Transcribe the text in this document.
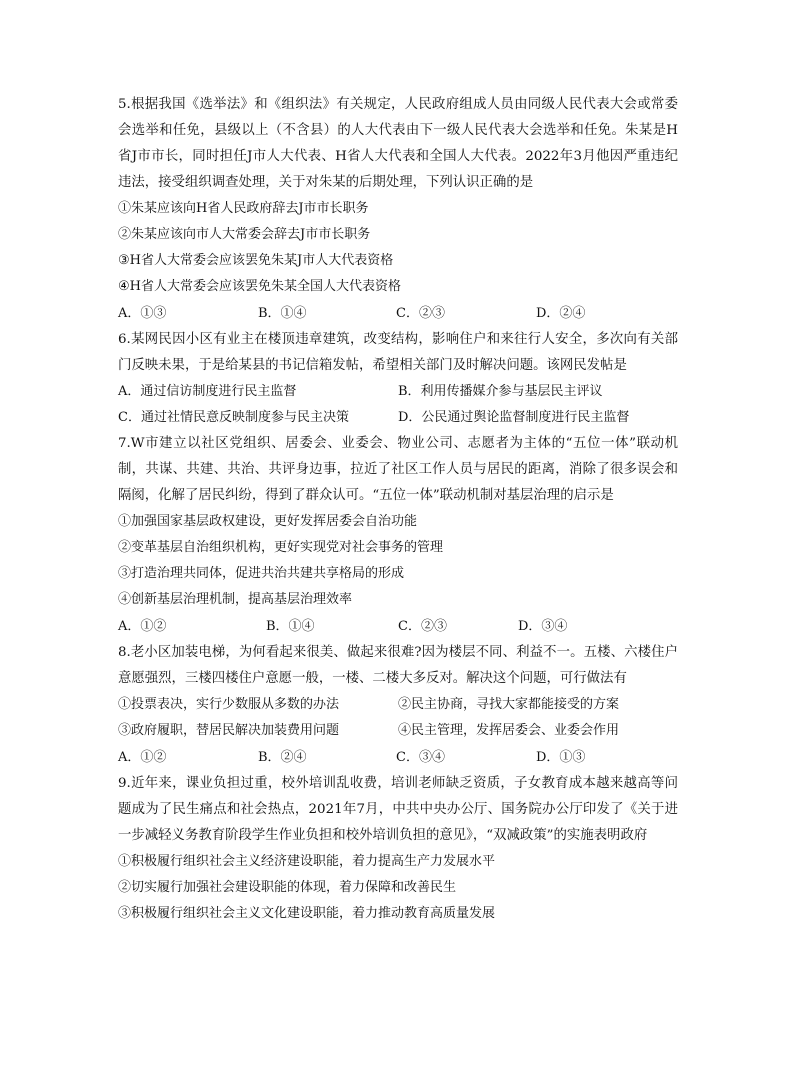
5.根据我国《选举法》和《组织法》有关规定，人民政府组成人员由同级人民代表大会或常委会选举和任免，县级以上（不含县）的人大代表由下一级人民代表大会选举和任免。朱某是H省J市市长，同时担任J市人大代表、H省人大代表和全国人大代表。2022年3月他因严重违纪违法，接受组织调查处理，关于对朱某的后期处理，下列认识正确的是

①朱某应该向H省人民政府辞去J市市长职务

②朱某应该向市人大常委会辞去J市市长职务

③H省人大常委会应该罢免朱某J市人大代表资格

④H省人大常委会应该罢免朱某全国人大代表资格

A．①③	B．①④	C．②③	D．②④

6.某网民因小区有业主在楼顶违章建筑，改变结构，影响住户和来往行人安全，多次向有关部门反映未果，于是给某县的书记信箱发帖，希望相关部门及时解决问题。该网民发帖是

A．通过信访制度进行民主监督	B．利用传播媒介参与基层民主评议
C．通过社情民意反映制度参与民主决策	D．公民通过舆论监督制度进行民主监督

7.W市建立以社区党组织、居委会、业委会、物业公司、志愿者为主体的“五位一体”联动机制，共谋、共建、共治、共评身边事，拉近了社区工作人员与居民的距离，消除了很多误会和隔阂，化解了居民纠纷，得到了群众认可。“五位一体”联动机制对基层治理的启示是

①加强国家基层政权建设，更好发挥居委会自治功能

②变革基层自治组织机构，更好实现党对社会事务的管理

③打造治理共同体，促进共治共建共享格局的形成

④创新基层治理机制，提高基层治理效率

A．①②	B．①④	C．②③	D．③④

8.老小区加装电梯，为何看起来很美、做起来很难?因为楼层不同、利益不一。五楼、六楼住户意愿强烈，三楼四楼住户意愿一般，一楼、二楼大多反对。解决这个问题，可行做法有

①投票表决，实行少数服从多数的办法	②民主协商，寻找大家都能接受的方案
③政府履职，替居民解决加装费用问题	④民主管理，发挥居委会、业委会作用
A．①②	B．②④	C．③④	D．①③

9.近年来，课业负担过重，校外培训乱收费，培训老师缺乏资质，子女教育成本越来越高等问题成为了民生痛点和社会热点，2021年7月，中共中央办公厅、国务院办公厅印发了《关于进一步减轻义务教育阶段学生作业负担和校外培训负担的意见》，“双减政策”的实施表明政府

①积极履行组织社会主义经济建设职能，着力提高生产力发展水平

②切实履行加强社会建设职能的体现，着力保障和改善民生

③积极履行组织社会主义文化建设职能，着力推动教育高质量发展
